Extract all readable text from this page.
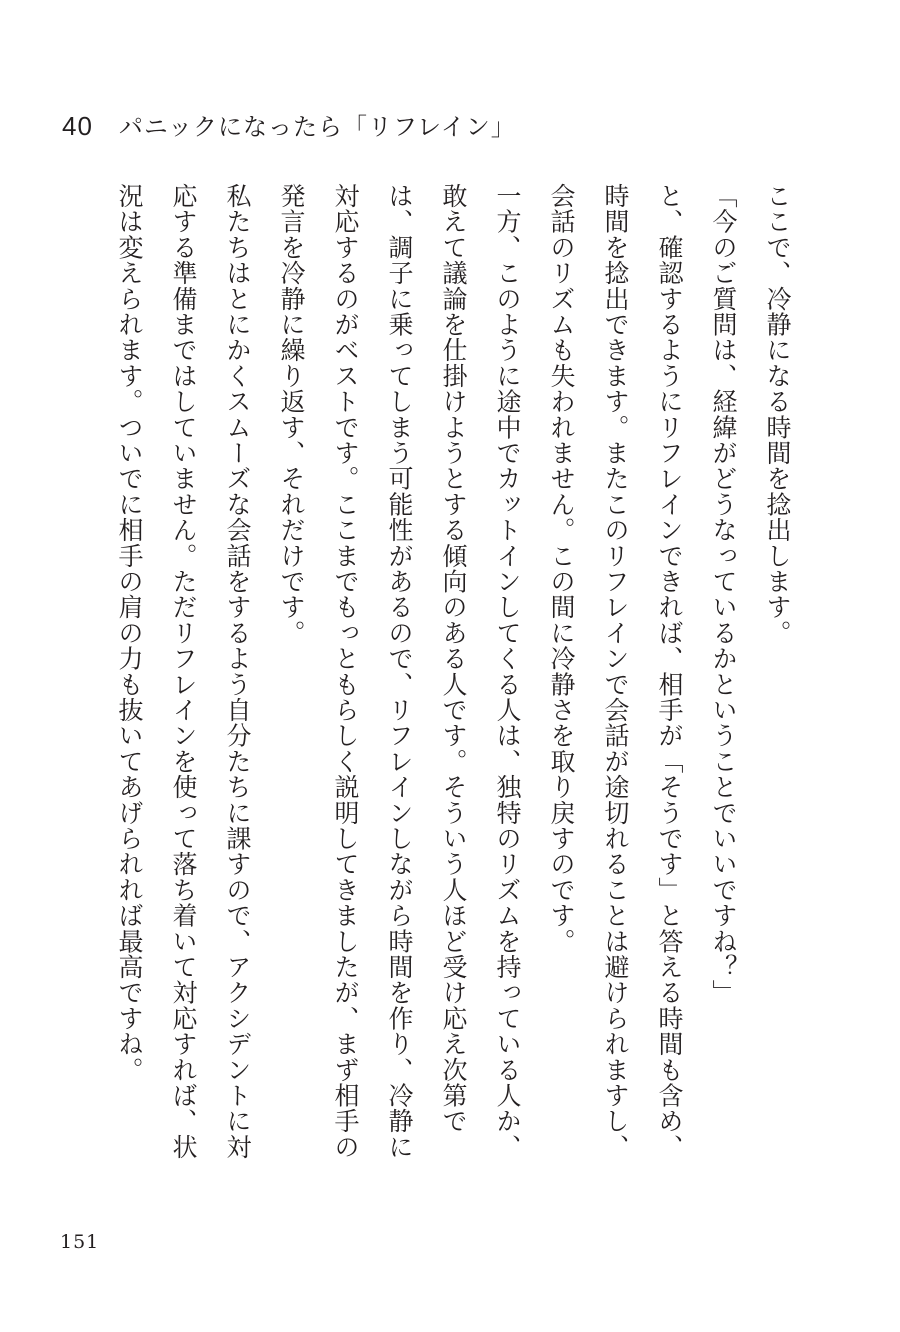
40 パニックになったら「リフレイン」

ここで、冷静になる時間を捻出します。

「今のご質問は、経緯がどうなっているかということでいいですね？」

と、確認するようにリフレインできれば、相手が「そうです」と答える時間も含め、時間を捻出できます。またこのリフレインで会話が途切れることは避けられますし、会話のリズムも失われません。この間に冷静さを取り戻すのです。

一方、このように途中でカットインしてくる人は、独特のリズムを持っている人か、敢えて議論を仕掛けようとする傾向のある人です。そういう人ほど受け応え次第では、調子に乗ってしまう可能性があるので、リフレインしながら時間を作り、冷静に対応するのがベストです。ここまでもっともらしく説明してきましたが、まず相手の発言を冷静に繰り返す、それだけです。

私たちはとにかくスムーズな会話をするよう自分たちに課すので、アクシデントに対応する準備まではしていません。ただリフレインを使って落ち着いて対応すれば、状況は変えられます。ついでに相手の肩の力も抜いてあげられれば最高ですね。

151
